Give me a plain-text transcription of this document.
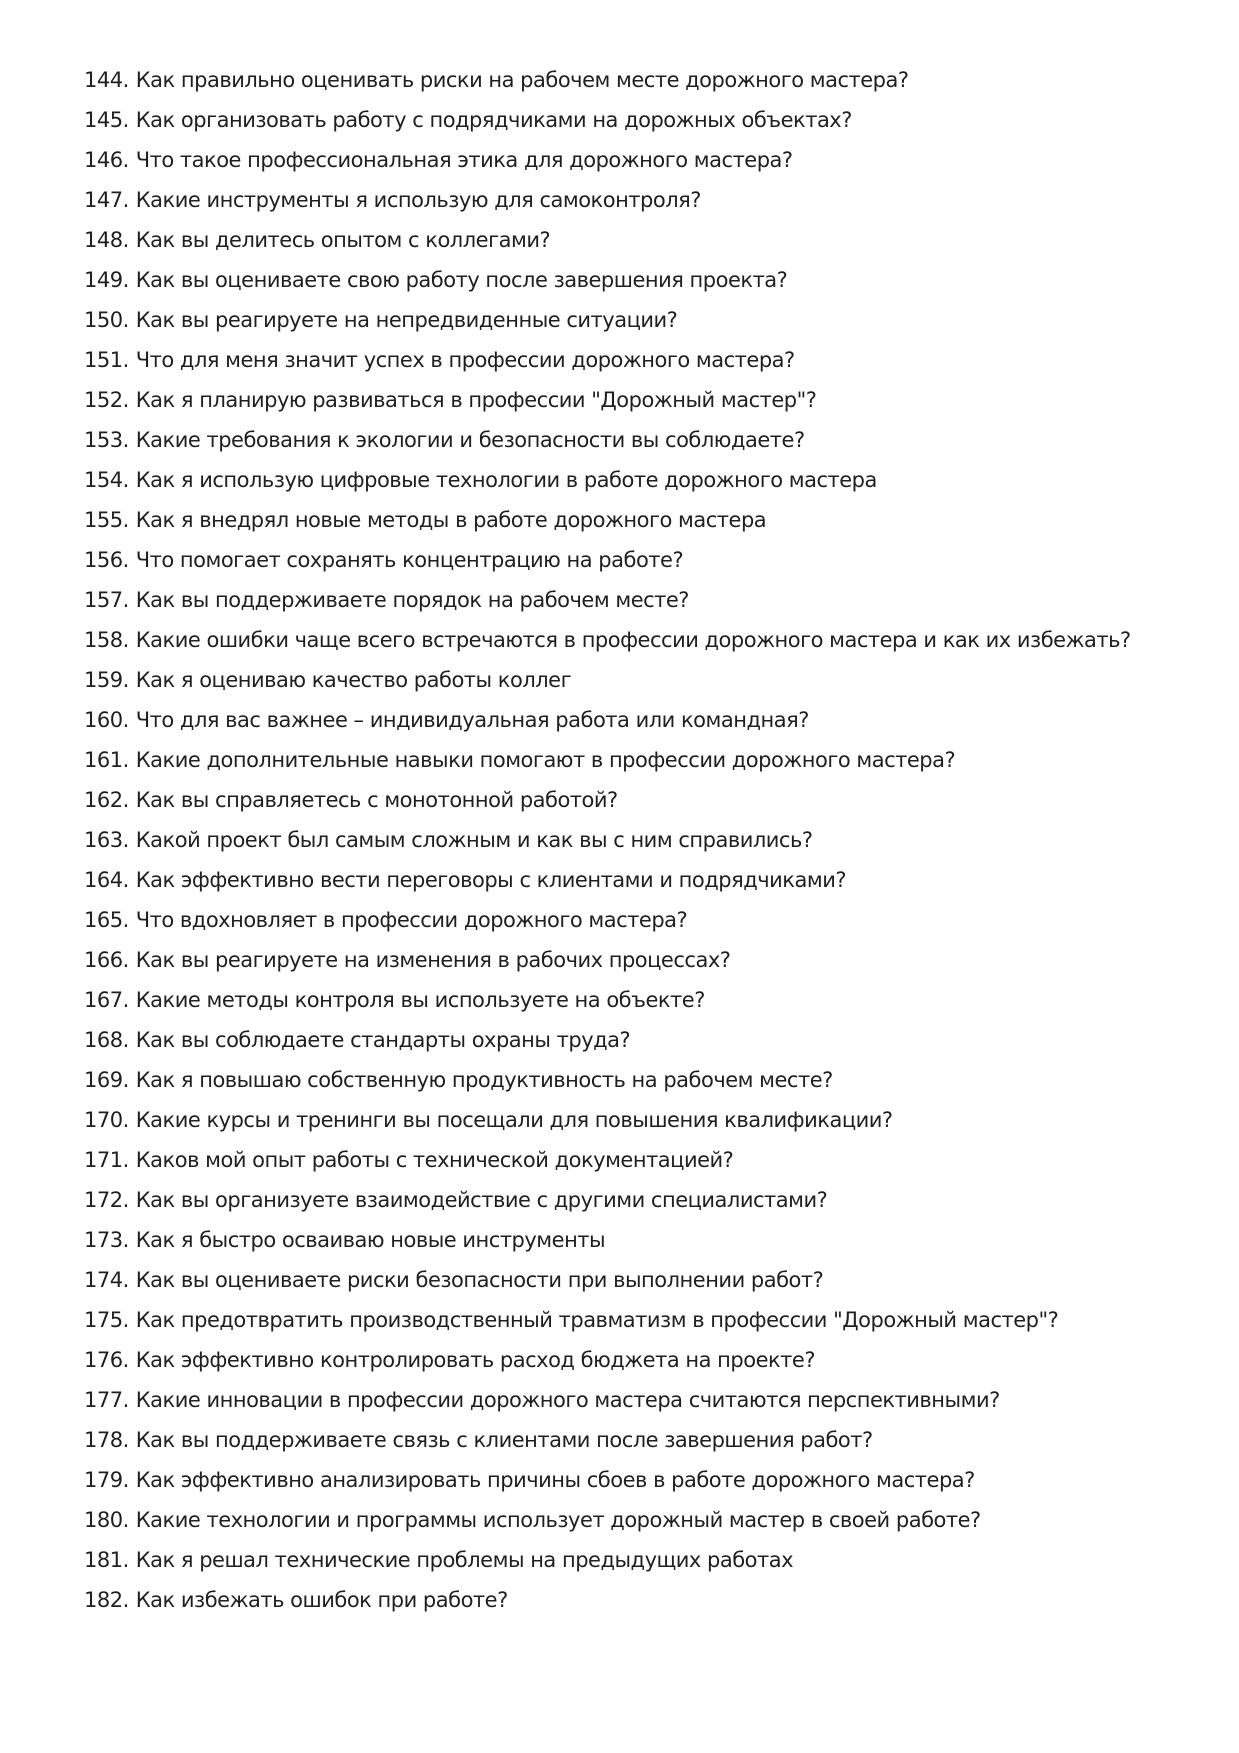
144. Как правильно оценивать риски на рабочем месте дорожного мастера?
145. Как организовать работу с подрядчиками на дорожных объектах?
146. Что такое профессиональная этика для дорожного мастера?
147. Какие инструменты я использую для самоконтроля?
148. Как вы делитесь опытом с коллегами?
149. Как вы оцениваете свою работу после завершения проекта?
150. Как вы реагируете на непредвиденные ситуации?
151. Что для меня значит успех в профессии дорожного мастера?
152. Как я планирую развиваться в профессии "Дорожный мастер"?
153. Какие требования к экологии и безопасности вы соблюдаете?
154. Как я использую цифровые технологии в работе дорожного мастера
155. Как я внедрял новые методы в работе дорожного мастера
156. Что помогает сохранять концентрацию на работе?
157. Как вы поддерживаете порядок на рабочем месте?
158. Какие ошибки чаще всего встречаются в профессии дорожного мастера и как их избежать?
159. Как я оцениваю качество работы коллег
160. Что для вас важнее – индивидуальная работа или командная?
161. Какие дополнительные навыки помогают в профессии дорожного мастера?
162. Как вы справляетесь с монотонной работой?
163. Какой проект был самым сложным и как вы с ним справились?
164. Как эффективно вести переговоры с клиентами и подрядчиками?
165. Что вдохновляет в профессии дорожного мастера?
166. Как вы реагируете на изменения в рабочих процессах?
167. Какие методы контроля вы используете на объекте?
168. Как вы соблюдаете стандарты охраны труда?
169. Как я повышаю собственную продуктивность на рабочем месте?
170. Какие курсы и тренинги вы посещали для повышения квалификации?
171. Каков мой опыт работы с технической документацией?
172. Как вы организуете взаимодействие с другими специалистами?
173. Как я быстро осваиваю новые инструменты
174. Как вы оцениваете риски безопасности при выполнении работ?
175. Как предотвратить производственный травматизм в профессии "Дорожный мастер"?
176. Как эффективно контролировать расход бюджета на проекте?
177. Какие инновации в профессии дорожного мастера считаются перспективными?
178. Как вы поддерживаете связь с клиентами после завершения работ?
179. Как эффективно анализировать причины сбоев в работе дорожного мастера?
180. Какие технологии и программы использует дорожный мастер в своей работе?
181. Как я решал технические проблемы на предыдущих работах
182. Как избежать ошибок при работе?
